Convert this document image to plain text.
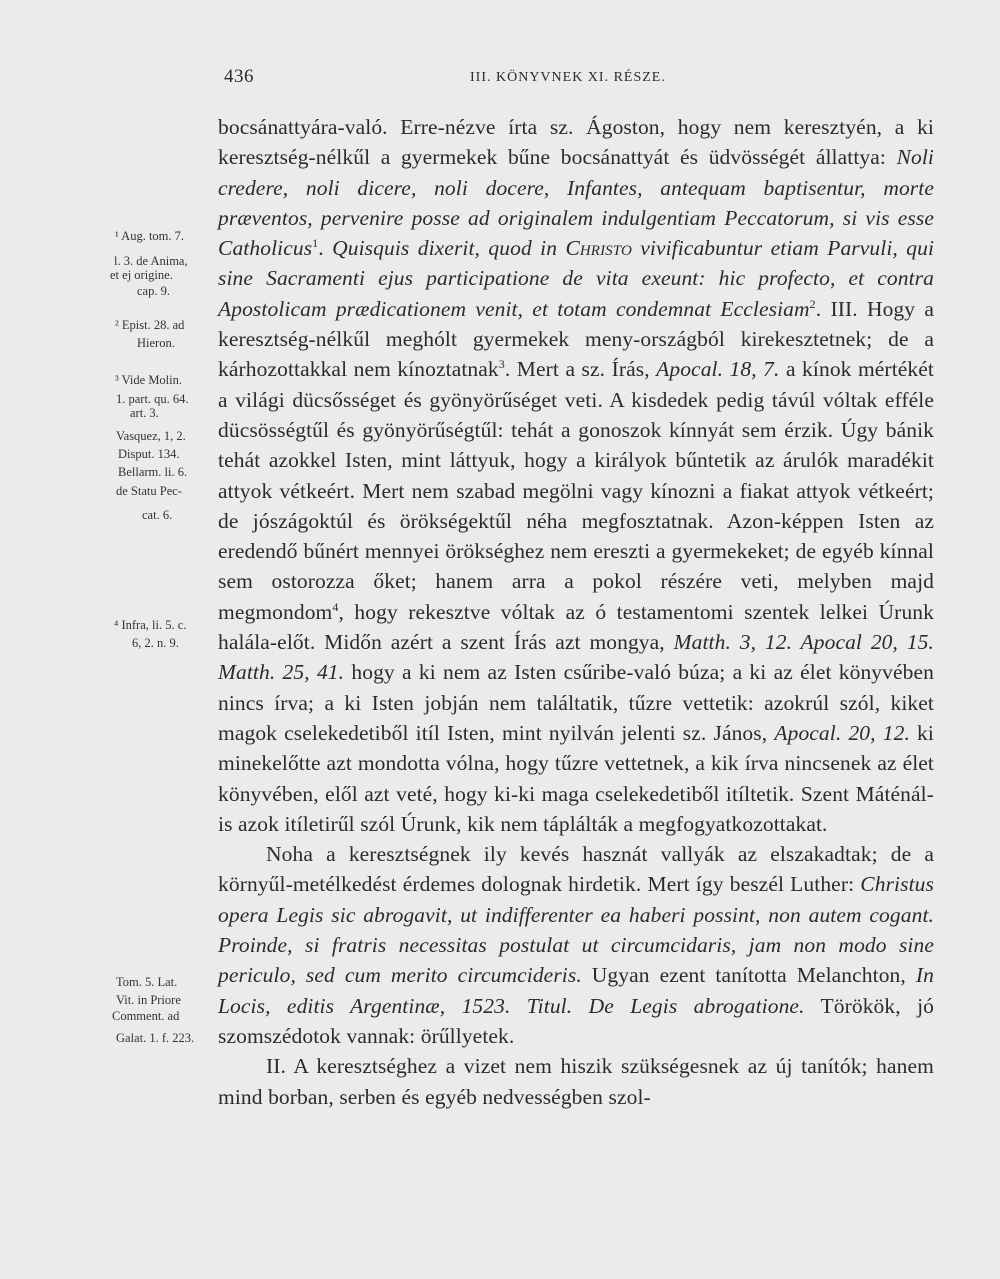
436	III. KÖNYVNEK XI. RÉSZE.
¹ Aug. tom. 7.
l. 3. de Anima,
et ej origine.
cap. 9.
² Epist. 28. ad
Hieron.
³ Vide Molin.
1. part. qu. 64.
art. 3.
Vasquez, 1, 2.
Disput. 134.
Bellarm. li. 6.
de Statu Pec-
cat. 6.
⁴ Infra, li. 5. c.
6, 2. n. 9.
Tom. 5. Lat.
Vit. in Priore
Comment. ad
Galat. 1. f. 223.

bocsánattyára-való. Erre-nézve írta sz. Ágoston, hogy nem keresztyén, a ki keresztség-nélkűl a gyermekek bűne bocsánattyát és üdvösségét állattya: Noli credere, noli dicere, noli docere, Infantes, antequam baptisentur, morte præventos, pervenire posse ad originalem indulgentiam Peccatorum, si vis esse Catholicus$^1$. Quisquis dixerit, quod in Christo vivificabuntur etiam Parvuli, qui sine Sacramenti ejus participatione de vita exeunt: hic profecto, et contra Apostolicam prædicationem venit, et totam condemnat Ecclesiam$^2$. III. Hogy a keresztség-nélkűl meghólt gyermekek meny-országból kirekesztetnek; de a kárhozottakkal nem kínoztatnak$^3$. Mert a sz. Írás, Apocal. 18, 7. a kínok mértékét a világi dücsősséget és gyönyörűséget veti. A kisdedek pedig távúl vóltak efféle dücsösségtűl és gyönyörűségtűl: tehát a gonoszok kínnyát sem érzik. Úgy bánik tehát azokkel Isten, mint láttyuk, hogy a királyok bűntetik az árulók maradékit attyok vétkeért. Mert nem szabad megölni vagy kínozni a fiakat attyok vétkeért; de jószágoktúl és örökségektűl néha megfosztatnak. Azon-képpen Isten az eredendő bűnért mennyei örökséghez nem ereszti a gyermekeket; de egyéb kínnal sem ostorozza őket; hanem arra a pokol részére veti, melyben majd megmondom$^4$, hogy rekesztve vóltak az ó testamentomi szentek lelkei Úrunk halála-előt. Midőn azért a szent Írás azt mongya, Matth. 3, 12. Apocal 20, 15. Matth. 25, 41. hogy a ki nem az Isten csűribe-való búza; a ki az élet könyvében nincs írva; a ki Isten jobján nem találtatik, tűzre vettetik: azokrúl szól, kiket magok cselekedetiből itíl Isten, mint nyilván jelenti sz. János, Apocal. 20, 12. ki minekelőtte azt mondotta vólna, hogy tűzre vettetnek, a kik írva nincsenek az élet könyvében, elől azt veté, hogy ki-ki maga cselekedetiből itíltetik. Szent Máténál-is azok itíletirűl szól Úrunk, kik nem táplálták a megfogyatkozottakat.

Noha a keresztségnek ily kevés hasznát vallyák az elszakadtak; de a környűl-metélkedést érdemes dolognak hirdetik. Mert így beszél Luther: Christus opera Legis sic abrogavit, ut indifferenter ea haberi possint, non autem cogant. Proinde, si fratris necessitas postulat ut circumcidaris, jam non modo sine periculo, sed cum merito circumcideris. Ugyan ezent tanította Melanchton, In Locis, editis Argentinæ, 1523. Titul. De Legis abrogatione. Törökök, jó szomszédotok vannak: örűllyetek.

II. A keresztséghez a vizet nem hiszik szükségesnek az új tanítók; hanem mind borban, serben és egyéb nedvességben szol-
